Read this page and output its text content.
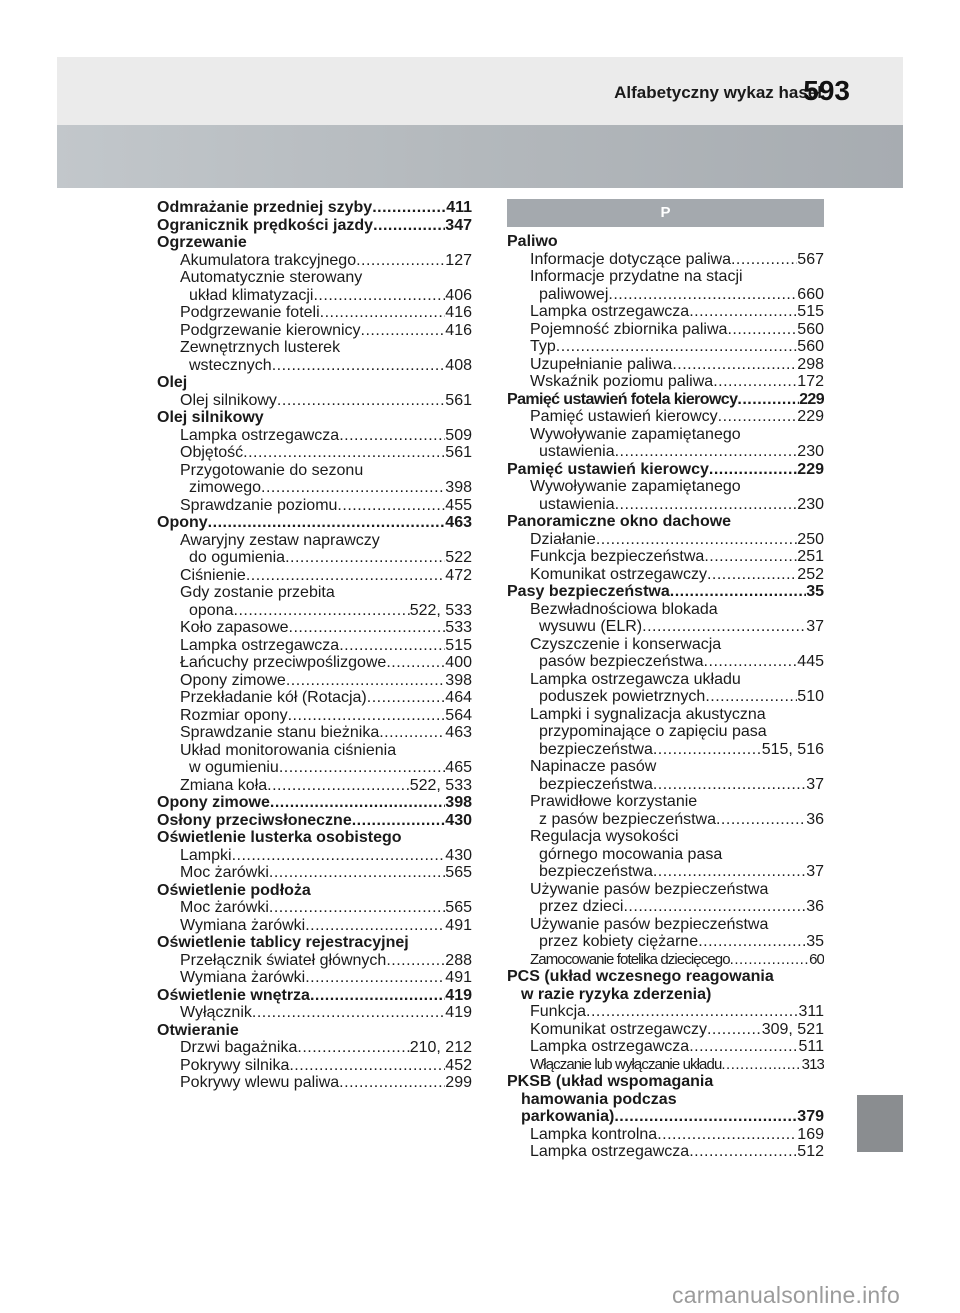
Alfabetyczny wykaz haseł
593
Odmrażanie przedniej szyby .....	411
Ogranicznik prędkości jazdy .....	347
Ogrzewanie
Akumulatora trakcyjnego .....	127
Automatycznie sterowany
układ klimatyzacji .....	406
Podgrzewanie foteli .....	416
Podgrzewanie kierownicy .....	416
Zewnętrznych lusterek
wstecznych .....	408
Olej
Olej silnikowy .....	561
Olej silnikowy
Lampka ostrzegawcza .....	509
Objętość .....	561
Przygotowanie do sezonu
zimowego .....	398
Sprawdzanie poziomu .....	455
Opony .....	463
Awaryjny zestaw naprawczy
do ogumienia .....	522
Ciśnienie .....	472
Gdy zostanie przebita
opona .....	522, 533
Koło zapasowe .....	533
Lampka ostrzegawcza .....	515
Łańcuchy przeciwpoślizgowe .....	400
Opony zimowe .....	398
Przekładanie kół (Rotacja) .....	464
Rozmiar opony .....	564
Sprawdzanie stanu bieżnika .....	463
Układ monitorowania ciśnienia
w ogumieniu .....	465
Zmiana koła .....	522, 533
Opony zimowe .....	398
Osłony przeciwsłoneczne .....	430
Oświetlenie lusterka osobistego
Lampki .....	430
Moc żarówki .....	565
Oświetlenie podłoża
Moc żarówki .....	565
Wymiana żarówki .....	491
Oświetlenie tablicy rejestracyjnej
Przełącznik świateł głównych .....	288
Wymiana żarówki .....	491
Oświetlenie wnętrza .....	419
Wyłącznik .....	419
Otwieranie
Drzwi bagażnika .....	210, 212
Pokrywy silnika .....	452
Pokrywy wlewu paliwa .....	299
P
Paliwo
Informacje dotyczące paliwa .....	567
Informacje przydatne na stacji
paliwowej .....	660
Lampka ostrzegawcza .....	515
Pojemność zbiornika paliwa .....	560
Typ .....	560
Uzupełnianie paliwa .....	298
Wskaźnik poziomu paliwa .....	172
Pamięć ustawień fotela kierowcy .....	229
Pamięć ustawień kierowcy .....	229
Wywoływanie zapamiętanego
ustawienia .....	230
Pamięć ustawień kierowcy .....	229
Wywoływanie zapamiętanego
ustawienia .....	230
Panoramiczne okno dachowe
Działanie .....	250
Funkcja bezpieczeństwa .....	251
Komunikat ostrzegawczy .....	252
Pasy bezpieczeństwa .....	35
Bezwładnościowa blokada
wysuwu (ELR) .....	37
Czyszczenie i konserwacja
pasów bezpieczeństwa .....	445
Lampka ostrzegawcza układu
poduszek powietrznych .....	510
Lampki i sygnalizacja akustyczna
przypominające o zapięciu pasa
bezpieczeństwa .....	515, 516
Napinacze pasów
bezpieczeństwa .....	37
Prawidłowe korzystanie
z pasów bezpieczeństwa .....	36
Regulacja wysokości
górnego mocowania pasa
bezpieczeństwa .....	37
Używanie pasów bezpieczeństwa
przez dzieci .....	36
Używanie pasów bezpieczeństwa
przez kobiety ciężarne .....	35
Zamocowanie fotelika dziecięcego .....	60
PCS (układ wczesnego reagowania
w razie ryzyka zderzenia)
Funkcja .....	311
Komunikat ostrzegawczy .....	309, 521
Lampka ostrzegawcza .....	511
Włączanie lub wyłączanie układu .....	313
PKSB (układ wspomagania
hamowania podczas
parkowania) .....	379
Lampka kontrolna .....	169
Lampka ostrzegawcza .....	512
carmanualsonline.info
